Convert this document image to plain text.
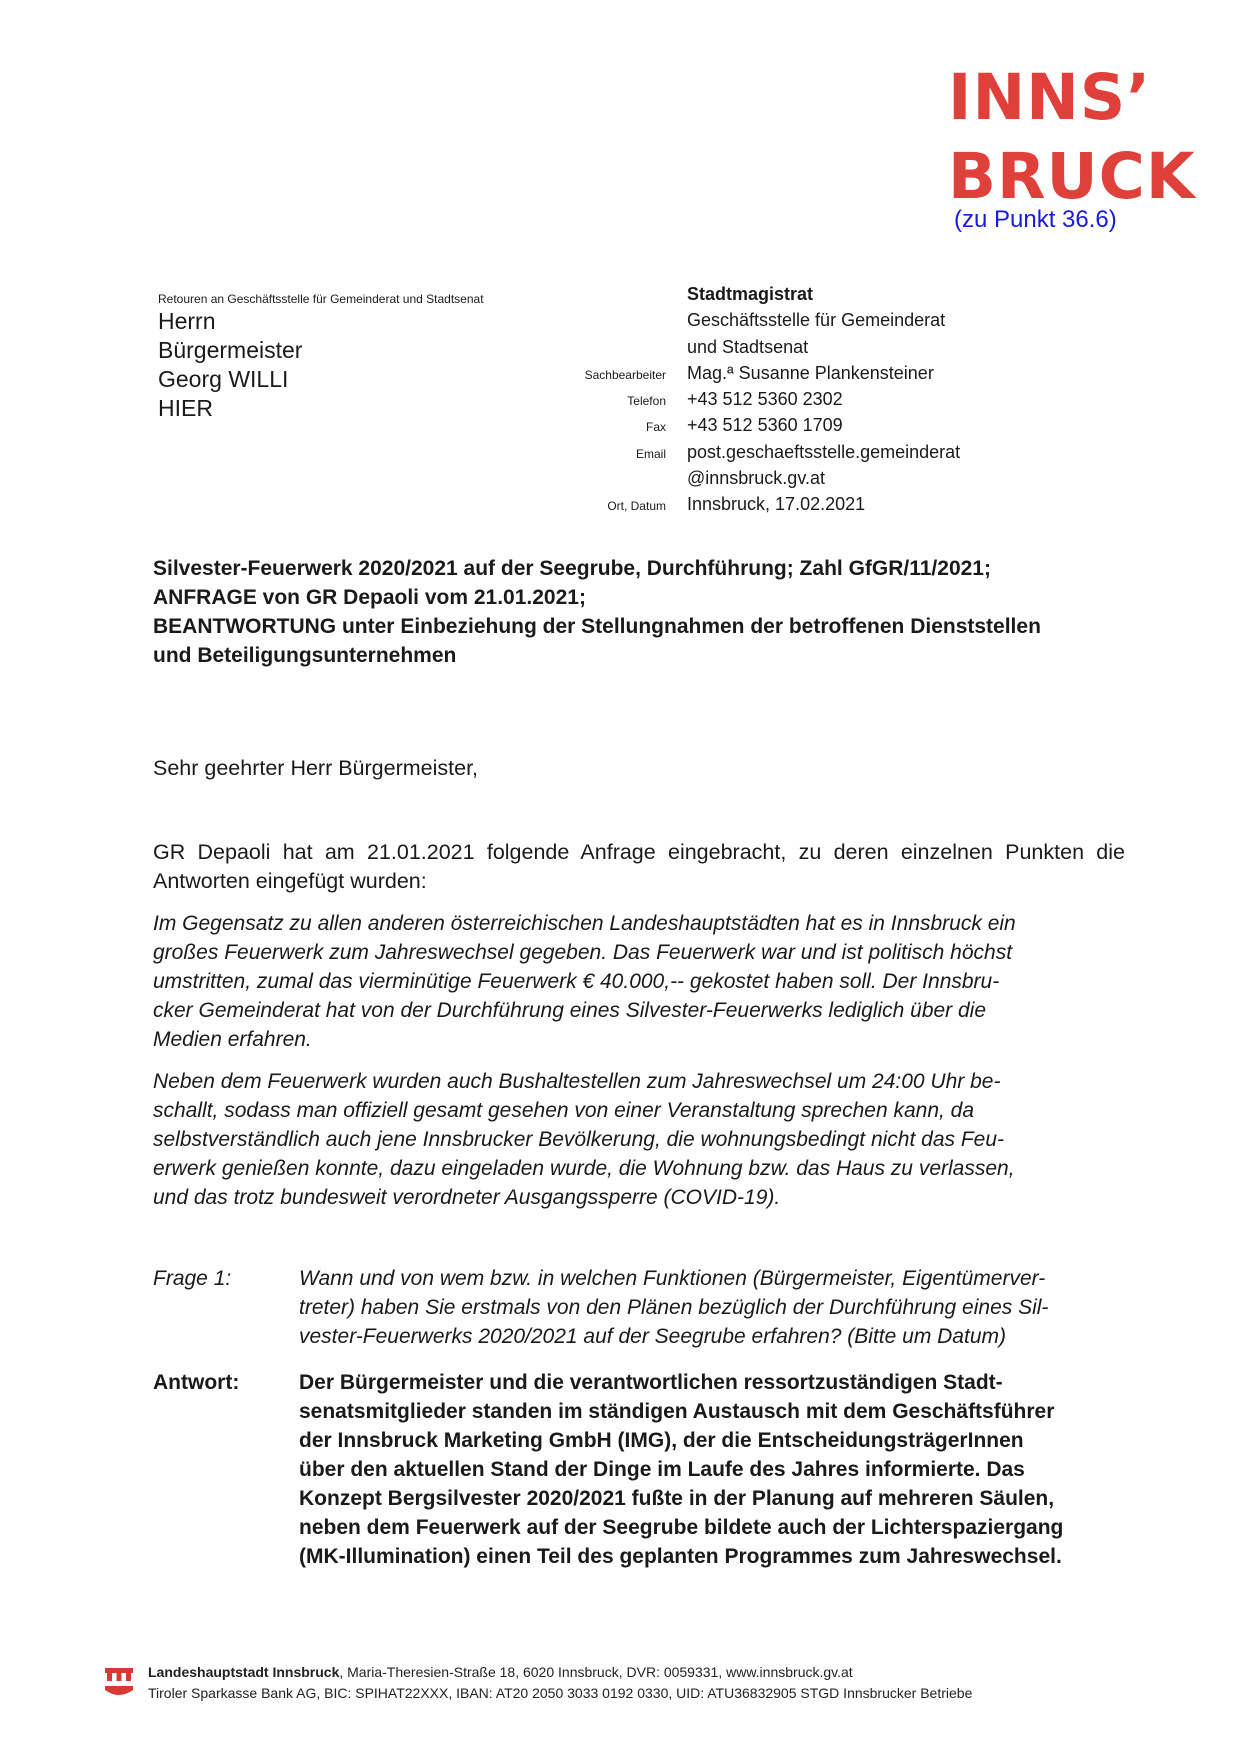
INNS’
BRUCK
(zu Punkt 36.6)
Retouren an Geschäftsstelle für Gemeinderat und Stadtsenat
Herrn
Bürgermeister
Georg WILLI
HIER
Stadtmagistrat
Geschäftsstelle für Gemeinderat
und Stadtsenat
Sachbearbeiter	Mag.ª Susanne Plankensteiner
Telefon	+43 512 5360 2302
Fax	+43 512 5360 1709
Email	post.geschaeftsstelle.gemeinderat
@innsbruck.gv.at
Ort, Datum	Innsbruck, 17.02.2021
Silvester-Feuerwerk 2020/2021 auf der Seegrube, Durchführung; Zahl GfGR/11/2021;
ANFRAGE von GR Depaoli vom 21.01.2021;
BEANTWORTUNG unter Einbeziehung der Stellungnahmen der betroffenen Dienststellen
und Beteiligungsunternehmen
Sehr geehrter Herr Bürgermeister,
GR Depaoli hat am 21.01.2021 folgende Anfrage eingebracht, zu deren einzelnen Punkten die Antworten eingefügt wurden:
Im Gegensatz zu allen anderen österreichischen Landeshauptstädten hat es in Innsbruck ein
großes Feuerwerk zum Jahreswechsel gegeben. Das Feuerwerk war und ist politisch höchst
umstritten, zumal das vierminütige Feuerwerk € 40.000,-- gekostet haben soll. Der Innsbru-
cker Gemeinderat hat von der Durchführung eines Silvester-Feuerwerks lediglich über die
Medien erfahren.
Neben dem Feuerwerk wurden auch Bushaltestellen zum Jahreswechsel um 24:00 Uhr be-
schallt, sodass man offiziell gesamt gesehen von einer Veranstaltung sprechen kann, da
selbstverständlich auch jene Innsbrucker Bevölkerung, die wohnungsbedingt nicht das Feu-
erwerk genießen konnte, dazu eingeladen wurde, die Wohnung bzw. das Haus zu verlassen,
und das trotz bundesweit verordneter Ausgangssperre (COVID-19).
Frage 1:	Wann und von wem bzw. in welchen Funktionen (Bürgermeister, Eigentümerver-
treter) haben Sie erstmals von den Plänen bezüglich der Durchführung eines Sil-
vester-Feuerwerks 2020/2021 auf der Seegrube erfahren? (Bitte um Datum)
Antwort:	Der Bürgermeister und die verantwortlichen ressortzuständigen Stadt-
senatsmitglieder standen im ständigen Austausch mit dem Geschäftsführer
der Innsbruck Marketing GmbH (IMG), der die EntscheidungsträgerInnen
über den aktuellen Stand der Dinge im Laufe des Jahres informierte. Das
Konzept Bergsilvester 2020/2021 fußte in der Planung auf mehreren Säulen,
neben dem Feuerwerk auf der Seegrube bildete auch der Lichterspaziergang
(MK-Illumination) einen Teil des geplanten Programmes zum Jahreswechsel.
Landeshauptstadt Innsbruck, Maria-Theresien-Straße 18, 6020 Innsbruck, DVR: 0059331, www.innsbruck.gv.at
Tiroler Sparkasse Bank AG, BIC: SPIHAT22XXX, IBAN: AT20 2050 3033 0192 0330, UID: ATU36832905 STGD Innsbrucker Betriebe
